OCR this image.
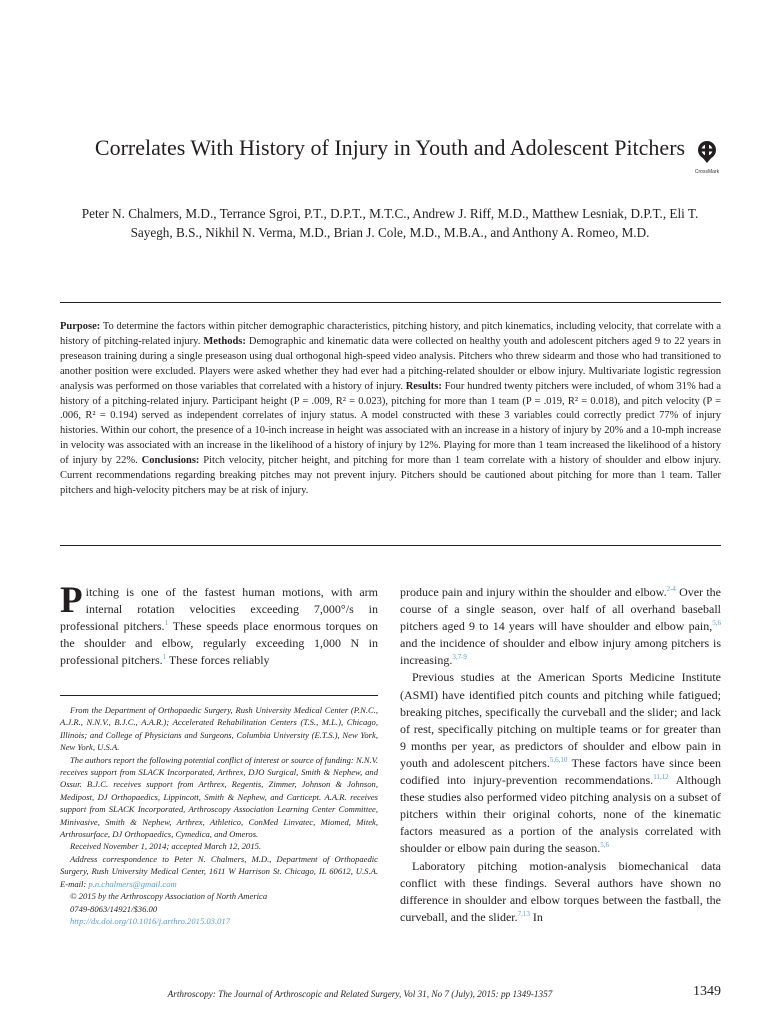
Correlates With History of Injury in Youth and Adolescent Pitchers
CrossMark
Peter N. Chalmers, M.D., Terrance Sgroi, P.T., D.P.T., M.T.C., Andrew J. Riff, M.D., Matthew Lesniak, D.P.T., Eli T. Sayegh, B.S., Nikhil N. Verma, M.D., Brian J. Cole, M.D., M.B.A., and Anthony A. Romeo, M.D.

Purpose: To determine the factors within pitcher demographic characteristics, pitching history, and pitch kinematics, including velocity, that correlate with a history of pitching-related injury. Methods: Demographic and kinematic data were collected on healthy youth and adolescent pitchers aged 9 to 22 years in preseason training during a single preseason using dual orthogonal high-speed video analysis. Pitchers who threw sidearm and those who had transitioned to another position were excluded. Players were asked whether they had ever had a pitching-related shoulder or elbow injury. Multivariate logistic regression analysis was performed on those variables that correlated with a history of injury. Results: Four hundred twenty pitchers were included, of whom 31% had a history of a pitching-related injury. Participant height (P = .009, R² = 0.023), pitching for more than 1 team (P = .019, R² = 0.018), and pitch velocity (P = .006, R² = 0.194) served as independent correlates of injury status. A model constructed with these 3 variables could correctly predict 77% of injury histories. Within our cohort, the presence of a 10-inch increase in height was associated with an increase in a history of injury by 20% and a 10-mph increase in velocity was associated with an increase in the likelihood of a history of injury by 12%. Playing for more than 1 team increased the likelihood of a history of injury by 22%. Conclusions: Pitch velocity, pitcher height, and pitching for more than 1 team correlate with a history of shoulder and elbow injury. Current recommendations regarding breaking pitches may not prevent injury. Pitchers should be cautioned about pitching for more than 1 team. Taller pitchers and high-velocity pitchers may be at risk of injury.

Pitching is one of the fastest human motions, with arm internal rotation velocities exceeding 7,000°/s in professional pitchers.$^1$ These speeds place enormous torques on the shoulder and elbow, regularly exceeding 1,000 N in professional pitchers.$^1$ These forces reliably

From the Department of Orthopaedic Surgery, Rush University Medical Center (P.N.C., A.J.R., N.N.V., B.J.C., A.A.R.); Accelerated Rehabilitation Centers (T.S., M.L.), Chicago, Illinois; and College of Physicians and Surgeons, Columbia University (E.T.S.), New York, New York, U.S.A.

The authors report the following potential conflict of interest or source of funding: N.N.V. receives support from SLACK Incorporated, Arthrex, DJO Surgical, Smith & Nephew, and Ossur. B.J.C. receives support from Arthrex, Regentis, Zimmer, Johnson & Johnson, Medipost, DJ Orthopaedics, Lippincott, Smith & Nephew, and Carticept. A.A.R. receives support from SLACK Incorporated, Arthroscopy Association Learning Center Committee, Minivasive, Smith & Nephew, Arthrex, Athletico, ConMed Linvatec, Miomed, Mitek, Arthrosurface, DJ Orthopaedics, Cymedica, and Omeros.

Received November 1, 2014; accepted March 12, 2015.

Address correspondence to Peter N. Chalmers, M.D., Department of Orthopaedic Surgery, Rush University Medical Center, 1611 W Harrison St. Chicago, IL 60612, U.S.A. E-mail: p.n.chalmers@gmail.com

© 2015 by the Arthroscopy Association of North America

0749-8063/14921/$36.00

http://dx.doi.org/10.1016/j.arthro.2015.03.017

produce pain and injury within the shoulder and elbow.$^{2-4}$ Over the course of a single season, over half of all overhand baseball pitchers aged 9 to 14 years will have shoulder and elbow pain,$^{5,6}$ and the incidence of shoulder and elbow injury among pitchers is increasing.$^{3,7-9}$

Previous studies at the American Sports Medicine Institute (ASMI) have identified pitch counts and pitching while fatigued; breaking pitches, specifically the curveball and the slider; and lack of rest, specifically pitching on multiple teams or for greater than 9 months per year, as predictors of shoulder and elbow pain in youth and adolescent pitchers.$^{5,6,10}$ These factors have since been codified into injury-prevention recommendations.$^{11,12}$ Although these studies also performed video pitching analysis on a subset of pitchers within their original cohorts, none of the kinematic factors measured as a portion of the analysis correlated with shoulder or elbow pain during the season.$^{5,6}$

Laboratory pitching motion-analysis biomechanical data conflict with these findings. Several authors have shown no difference in shoulder and elbow torques between the fastball, the curveball, and the slider.$^{7,13}$ In

Arthroscopy: The Journal of Arthroscopic and Related Surgery, Vol 31, No 7 (July), 2015: pp 1349-1357	1349
